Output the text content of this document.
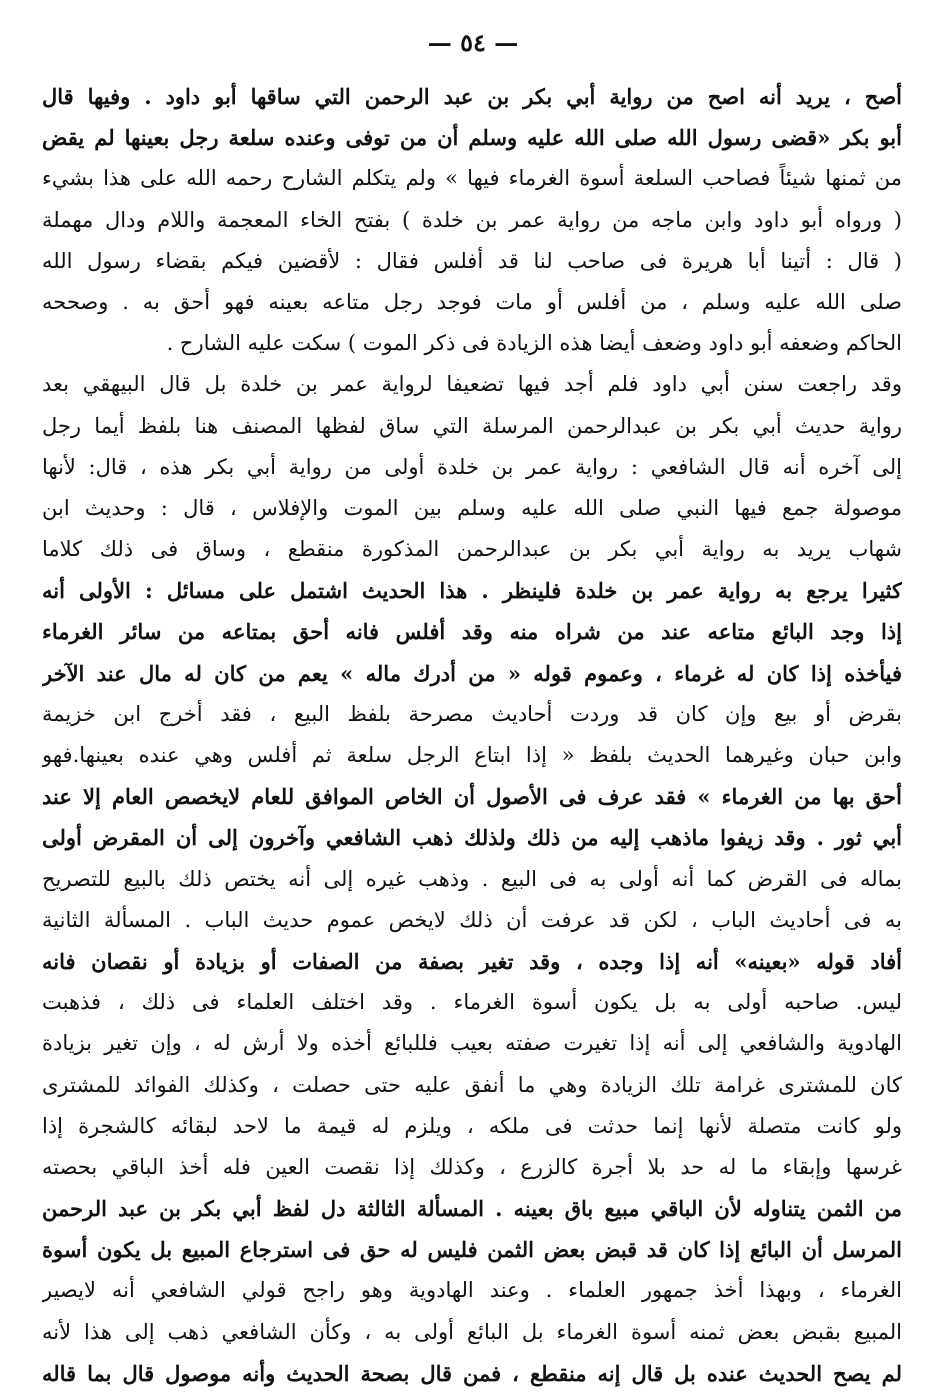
— ٥٤ —
أصح ، يريد أنه اصح من رواية أبي بكر بن عبد الرحمن التي ساقها أبو داود . وفيها قال
أبو بكر «قضى رسول الله صلى الله عليه وسلم أن من توفى وعنده سلعة رجل بعينها لم يقض
من ثمنها شيئاً فصاحب السلعة أسوة الغرماء فيها » ولم يتكلم الشارح رحمه الله على هذا بشيء
( ورواه أبو داود وابن ماجه من رواية عمر بن خلدة ) بفتح الخاء المعجمة واللام ودال مهملة
( قال : أتينا أبا هريرة فى صاحب لنا قد أفلس فقال : لأقضين فيكم بقضاء رسول الله
صلى الله عليه وسلم ، من أفلس أو مات فوجد رجل متاعه بعينه فهو أحق به . وصححه
الحاكم وضعفه أبو داود وضعف أيضا هذه الزيادة فى ذكر الموت ) سكت عليه الشارح .
وقد راجعت سنن أبي داود فلم أجد فيها تضعيفا لرواية عمر بن خلدة بل قال البيهقي بعد
رواية حديث أبي بكر بن عبدالرحمن المرسلة التي ساق لفظها المصنف هنا بلفظ أيما رجل
إلى آخره أنه قال الشافعي : رواية عمر بن خلدة أولى من رواية أبي بكر هذه ، قال: لأنها
موصولة جمع فيها النبي صلى الله عليه وسلم بين الموت والإفلاس ، قال : وحديث ابن
شهاب يريد به رواية أبي بكر بن عبدالرحمن المذكورة منقطع ، وساق فى ذلك كلاما
كثيرا يرجع به رواية عمر بن خلدة فلينظر . هذا الحديث اشتمل على مسائل : الأولى أنه
إذا وجد البائع متاعه عند من شراه منه وقد أفلس فانه أحق بمتاعه من سائر الغرماء
فيأخذه إذا كان له غرماء ، وعموم قوله « من أدرك ماله » يعم من كان له مال عند الآخر
بقرض أو بيع وإن كان قد وردت أحاديث مصرحة بلفظ البيع ، فقد أخرج ابن خزيمة
وابن حبان وغيرهما الحديث بلفظ « إذا ابتاع الرجل سلعة ثم أفلس وهي عنده بعينها.فهو
أحق بها من الغرماء » فقد عرف فى الأصول أن الخاص الموافق للعام لايخصص العام إلا عند
أبي ثور . وقد زيفوا ماذهب إليه من ذلك ولذلك ذهب الشافعي وآخرون إلى أن المقرض أولى
بماله فى القرض كما أنه أولى به فى البيع . وذهب غيره إلى أنه يختص ذلك بالبيع للتصريح
به فى أحاديث الباب ، لكن قد عرفت أن ذلك لايخص عموم حديث الباب . المسألة الثانية
أفاد قوله «بعينه» أنه إذا وجده ، وقد تغير بصفة من الصفات أو بزيادة أو نقصان فانه
ليس. صاحبه أولى به بل يكون أسوة الغرماء . وقد اختلف العلماء فى ذلك ، فذهبت
الهادوية والشافعي إلى أنه إذا تغيرت صفته بعيب فللبائع أخذه ولا أرش له ، وإن تغير بزيادة
كان للمشترى غرامة تلك الزيادة وهي ما أنفق عليه حتى حصلت ، وكذلك الفوائد للمشترى
ولو كانت متصلة لأنها إنما حدثت فى ملكه ، ويلزم له قيمة ما لاحد لبقائه كالشجرة إذا
غرسها وإبقاء ما له حد بلا أجرة كالزرع ، وكذلك إذا نقصت العين فله أخذ الباقي بحصته
من الثمن يتناوله لأن الباقي مبيع باق بعينه . المسألة الثالثة دل لفظ أبي بكر بن عبد الرحمن
المرسل أن البائع إذا كان قد قبض بعض الثمن فليس له حق فى استرجاع المبيع بل يكون أسوة
الغرماء ، وبهذا أخذ جمهور العلماء . وعند الهادوية وهو راجح قولي الشافعي أنه لايصير
المبيع بقبض بعض ثمنه أسوة الغرماء بل البائع أولى به ، وكأن الشافعي ذهب إلى هذا لأنه
لم يصح الحديث عنده بل قال إنه منقطع ، فمن قال بصحة الحديث وأنه موصول قال بما قاله
